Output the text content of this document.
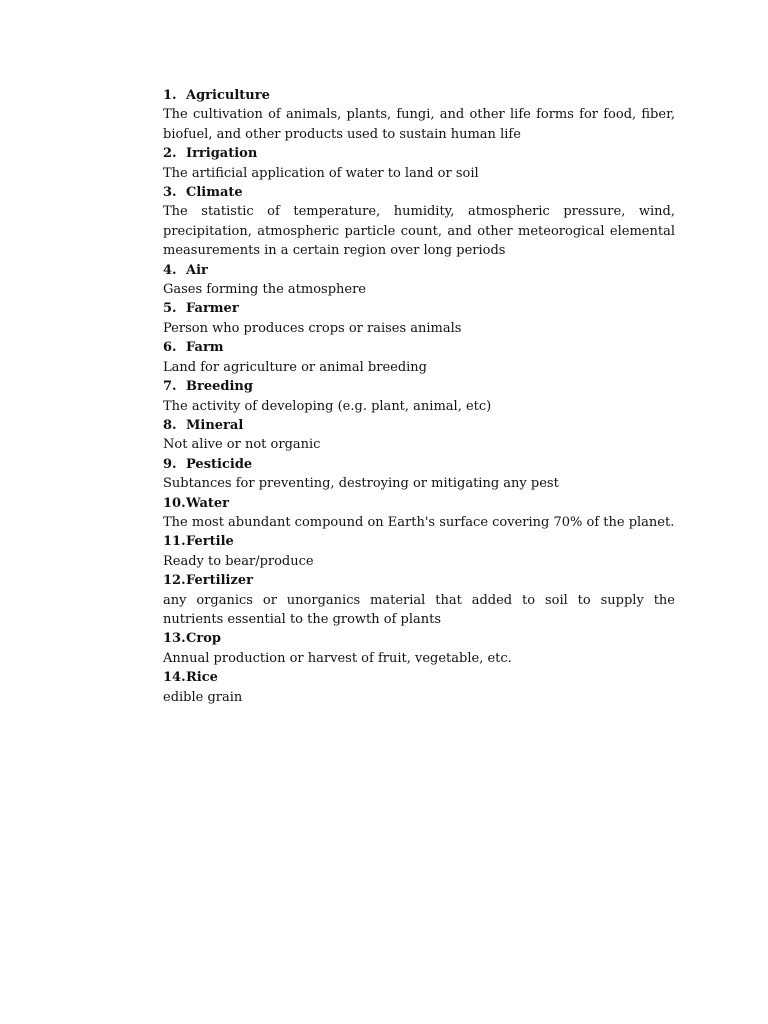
1. Agriculture

The cultivation of animals, plants, fungi, and other life forms for food, fiber, biofuel, and other products used to sustain human life

2. Irrigation

The artificial application of water to land or soil

3. Climate

The statistic of temperature, humidity, atmospheric pressure, wind, precipitation, atmospheric particle count, and other meteorogical elemental measurements in a certain region over long periods

4. Air

Gases forming the atmosphere

5. Farmer

Person who produces crops or raises animals

6. Farm

Land for agriculture or animal breeding

7. Breeding

The activity of developing (e.g. plant, animal, etc)

8. Mineral

Not alive or not organic

9. Pesticide

Subtances for preventing, destroying or mitigating any pest

10.Water

The most abundant compound on Earth's surface covering 70% of the planet.

11.Fertile

Ready to bear/produce

12.Fertilizer

any organics or unorganics material that added to soil to supply the nutrients essential to the growth of plants

13.Crop

Annual production or harvest of fruit, vegetable, etc.

14.Rice

edible grain
